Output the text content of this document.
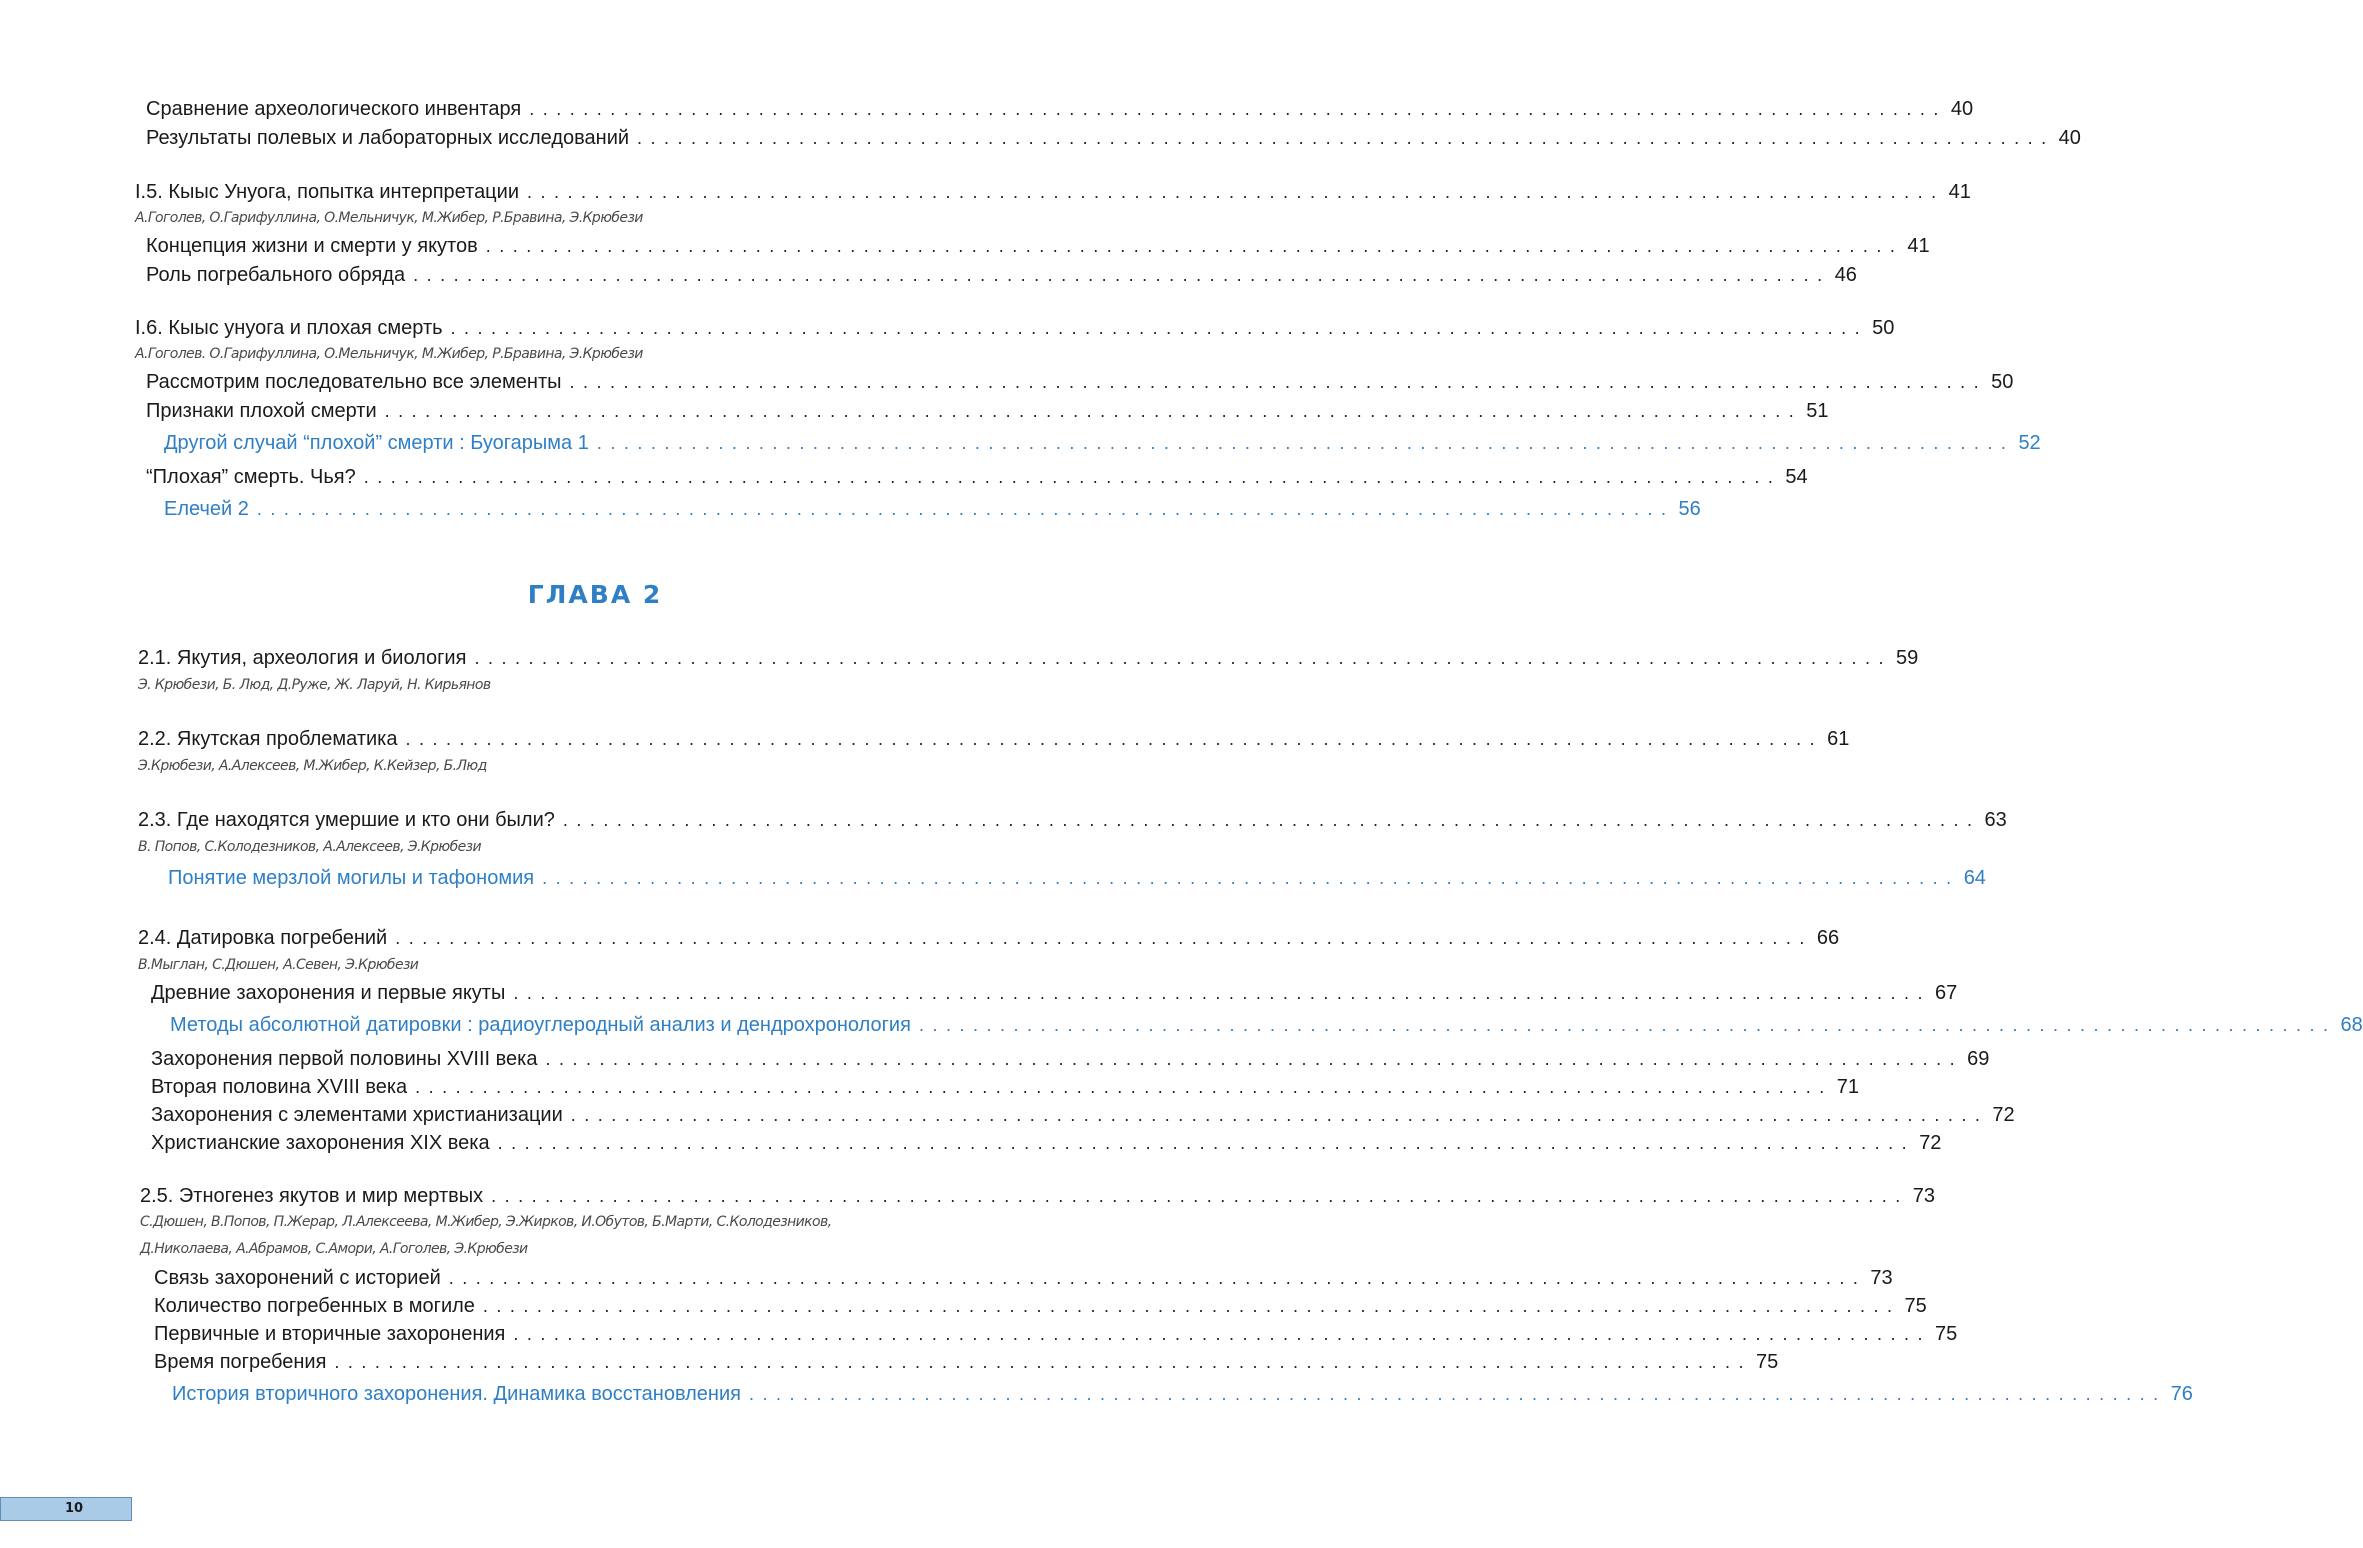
Сравнение археологического инвентаря ......................................................................................................... 40
Результаты полевых и лабораторных исследований ......................................................................................................... 40
I.5. Кыыс Унуога, попытка интерпретации ......................................................................................................... 41
А.Гоголев, О.Гарифуллина, О.Мельничук, М.Жибер, Р.Бравина, Э.Крюбези
Концепция жизни и смерти у якутов ......................................................................................................... 41
Роль погребального обряда ......................................................................................................... 46
I.6. Кыыс унуога и плохая смерть ......................................................................................................... 50
А.Гоголев. О.Гарифуллина, О.Мельничук, М.Жибер, Р.Бравина, Э.Крюбези
Рассмотрим последовательно все элементы ......................................................................................................... 50
Признаки плохой смерти ......................................................................................................... 51
Другой случай “плохой” смерти : Буогарыма 1 ......................................................................................................... 52
“Плохая” смерть. Чья? ......................................................................................................... 54
Елечей 2 ......................................................................................................... 56
ГЛАВА 2
2.1. Якутия, археология и биология ......................................................................................................... 59
Э. Крюбези, Б. Люд, Д.Руже, Ж. Ларуй, Н. Кирьянов
2.2. Якутская проблематика ......................................................................................................... 61
Э.Крюбези, А.Алексеев, М.Жибер, К.Кейзер, Б.Люд
2.3. Где находятся умершие и кто они были? ......................................................................................................... 63
В. Попов, С.Колодезников, А.Алексеев, Э.Крюбези
Понятие мерзлой могилы и тафономия ......................................................................................................... 64
2.4. Датировка погребений ......................................................................................................... 66
В.Мыглан, С.Дюшен, А.Севен, Э.Крюбези
Древние захоронения и первые якуты ......................................................................................................... 67
Методы абсолютной датировки : радиоуглеродный анализ и дендрохронология ......................................................................................................... 68
Захоронения первой половины XVIII века ......................................................................................................... 69
Вторая половина XVIII века ......................................................................................................... 71
Захоронения с элементами христианизации ......................................................................................................... 72
Христианские захоронения XIX века ......................................................................................................... 72
2.5. Этногенез якутов и мир мертвых ......................................................................................................... 73
С.Дюшен, В.Попов, П.Жерар, Л.Алексеева, М.Жибер, Э.Жирков, И.Обутов, Б.Марти, С.Колодезников,
Д.Николаева, А.Абрамов, С.Амори, А.Гоголев, Э.Крюбези
Связь захоронений с историей ......................................................................................................... 73
Количество погребенных в могиле ......................................................................................................... 75
Первичные и вторичные захоронения ......................................................................................................... 75
Время погребения ......................................................................................................... 75
История вторичного захоронения. Динамика восстановления ......................................................................................................... 76
10
